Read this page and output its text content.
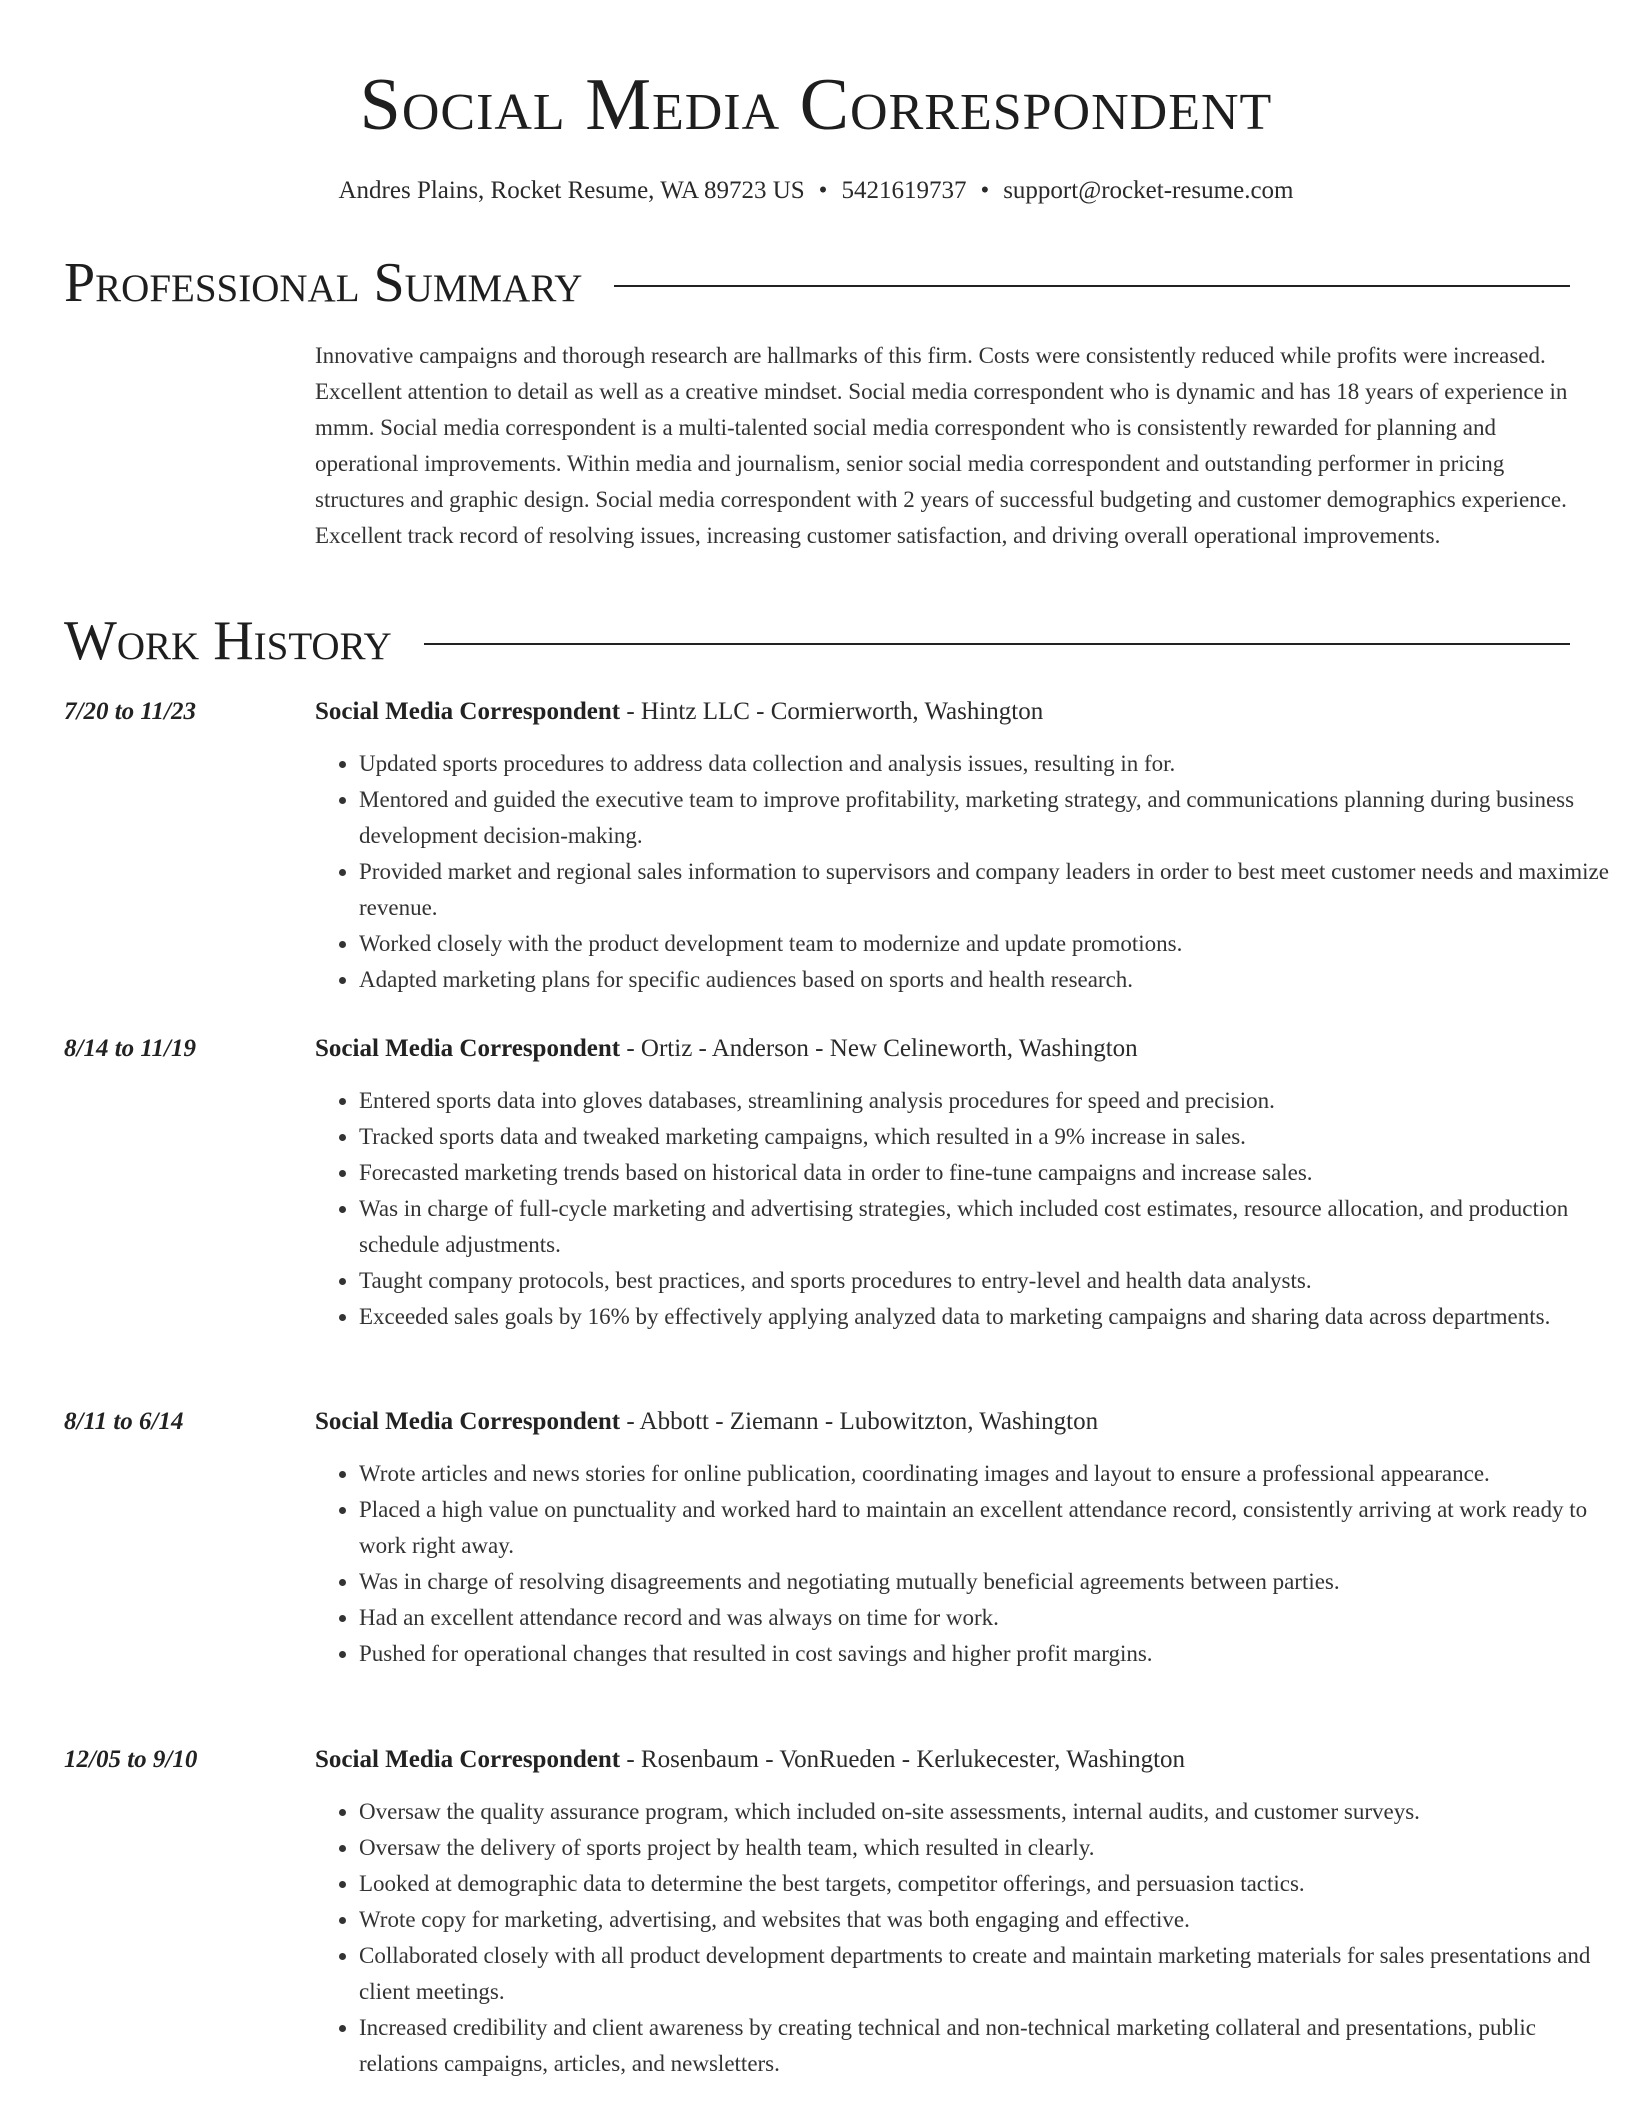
Social Media Correspondent
Andres Plains, Rocket Resume, WA 89723 US • 5421619737 • support@rocket-resume.com
Professional Summary

Innovative campaigns and thorough research are hallmarks of this firm. Costs were consistently reduced while profits were increased. Excellent attention to detail as well as a creative mindset. Social media correspondent who is dynamic and has 18 years of experience in mmm. Social media correspondent is a multi-talented social media correspondent who is consistently rewarded for planning and operational improvements. Within media and journalism, senior social media correspondent and outstanding performer in pricing structures and graphic design. Social media correspondent with 2 years of successful budgeting and customer demographics experience. Excellent track record of resolving issues, increasing customer satisfaction, and driving overall operational improvements.

Work History
7/20 to 11/23	Social Media Correspondent - Hintz LLC - Cormierworth, Washington
• Updated sports procedures to address data collection and analysis issues, resulting in for.
• Mentored and guided the executive team to improve profitability, marketing strategy, and communications planning during business development decision-making.
• Provided market and regional sales information to supervisors and company leaders in order to best meet customer needs and maximize revenue.
• Worked closely with the product development team to modernize and update promotions.
• Adapted marketing plans for specific audiences based on sports and health research.
8/14 to 11/19	Social Media Correspondent - Ortiz - Anderson - New Celineworth, Washington
• Entered sports data into gloves databases, streamlining analysis procedures for speed and precision.
• Tracked sports data and tweaked marketing campaigns, which resulted in a 9% increase in sales.
• Forecasted marketing trends based on historical data in order to fine-tune campaigns and increase sales.
• Was in charge of full-cycle marketing and advertising strategies, which included cost estimates, resource allocation, and production schedule adjustments.
• Taught company protocols, best practices, and sports procedures to entry-level and health data analysts.
• Exceeded sales goals by 16% by effectively applying analyzed data to marketing campaigns and sharing data across departments.
8/11 to 6/14	Social Media Correspondent - Abbott - Ziemann - Lubowitzton, Washington
• Wrote articles and news stories for online publication, coordinating images and layout to ensure a professional appearance.
• Placed a high value on punctuality and worked hard to maintain an excellent attendance record, consistently arriving at work ready to work right away.
• Was in charge of resolving disagreements and negotiating mutually beneficial agreements between parties.
• Had an excellent attendance record and was always on time for work.
• Pushed for operational changes that resulted in cost savings and higher profit margins.
12/05 to 9/10	Social Media Correspondent - Rosenbaum - VonRueden - Kerlukecester, Washington
• Oversaw the quality assurance program, which included on-site assessments, internal audits, and customer surveys.
• Oversaw the delivery of sports project by health team, which resulted in clearly.
• Looked at demographic data to determine the best targets, competitor offerings, and persuasion tactics.
• Wrote copy for marketing, advertising, and websites that was both engaging and effective.
• Collaborated closely with all product development departments to create and maintain marketing materials for sales presentations and client meetings.
• Increased credibility and client awareness by creating technical and non-technical marketing collateral and presentations, public relations campaigns, articles, and newsletters.
